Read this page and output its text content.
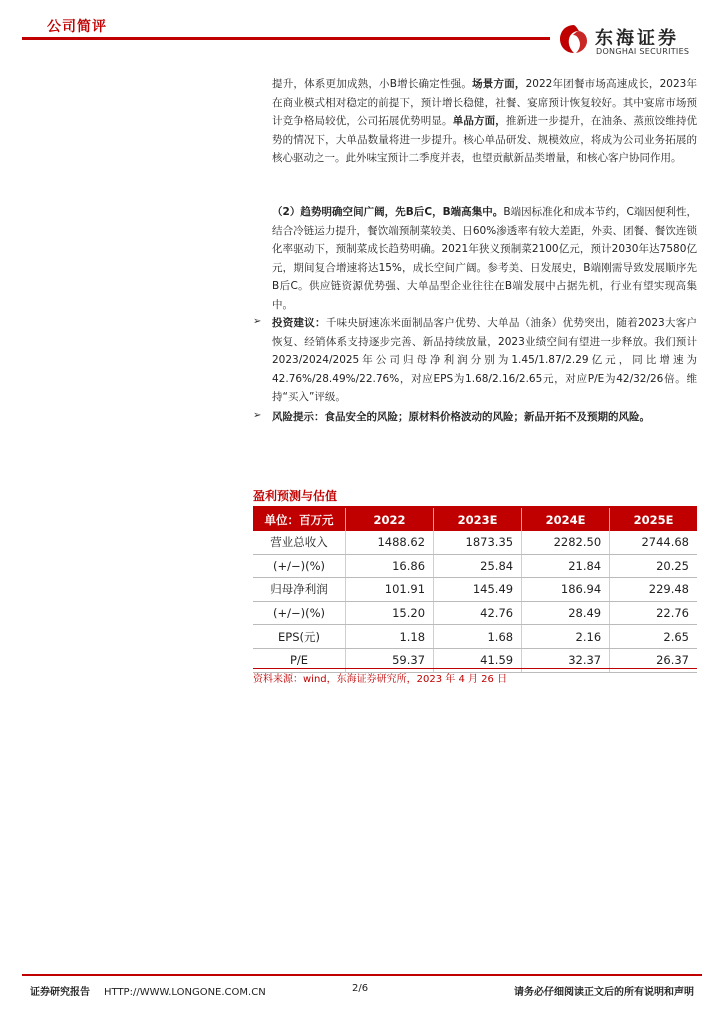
公司简评
东海证券
DONGHAI SECURITIES

提升，体系更加成熟，小B增长确定性强。场景方面，2022年团餐市场高速成长，2023年在商业模式相对稳定的前提下，预计增长稳健，社餐、宴席预计恢复较好。其中宴席市场预计竞争格局较优，公司拓展优势明显。单品方面，推新进一步提升，在油条、蒸煎饺维持优势的情况下，大单品数量将进一步提升。核心单品研发、规模效应，将成为公司业务拓展的核心驱动之一。此外味宝预计二季度并表，也望贡献新品类增量，和核心客户协同作用。

（2）趋势明确空间广阔，先B后C，B端高集中。B端因标准化和成本节约，C端因便利性，结合冷链运力提升，餐饮端预制菜较美、日60%渗透率有较大差距，外卖、团餐、餐饮连锁化率驱动下，预制菜成长趋势明确。2021年狭义预制菜2100亿元，预计2030年达7580亿元，期间复合增速将达15%，成长空间广阔。参考美、日发展史，B端刚需导致发展顺序先B后C。供应链资源优势强、大单品型企业往往在B端发展中占据先机，行业有望实现高集中。

➢ 投资建议：千味央厨速冻米面制品客户优势、大单品（油条）优势突出，随着2023大客户恢复、经销体系支持逐步完善、新品持续放量，2023业绩空间有望进一步释放。我们预计2023/2024/2025年公司归母净利润分别为1.45/1.87/2.29亿元，同比增速为42.76%/28.49%/22.76%，对应EPS为1.68/2.16/2.65元，对应P/E为42/32/26倍。维持“买入”评级。

➢ 风险提示：食品安全的风险；原材料价格波动的风险；新品开拓不及预期的风险。

盈利预测与估值
单位：百万元	2022	2023E	2024E	2025E
营业总收入	1488.62	1873.35	2282.50	2744.68
(+/−)(%)	16.86	25.84	21.84	20.25
归母净利润	101.91	145.49	186.94	229.48
(+/−)(%)	15.20	42.76	28.49	22.76
EPS(元)	1.18	1.68	2.16	2.65
P/E	59.37	41.59	32.37	26.37
资料来源：wind，东海证券研究所，2023 年 4 月 26 日
证券研究报告 HTTP://WWW.LONGONE.COM.CN	2/6	请务必仔细阅读正文后的所有说明和声明
